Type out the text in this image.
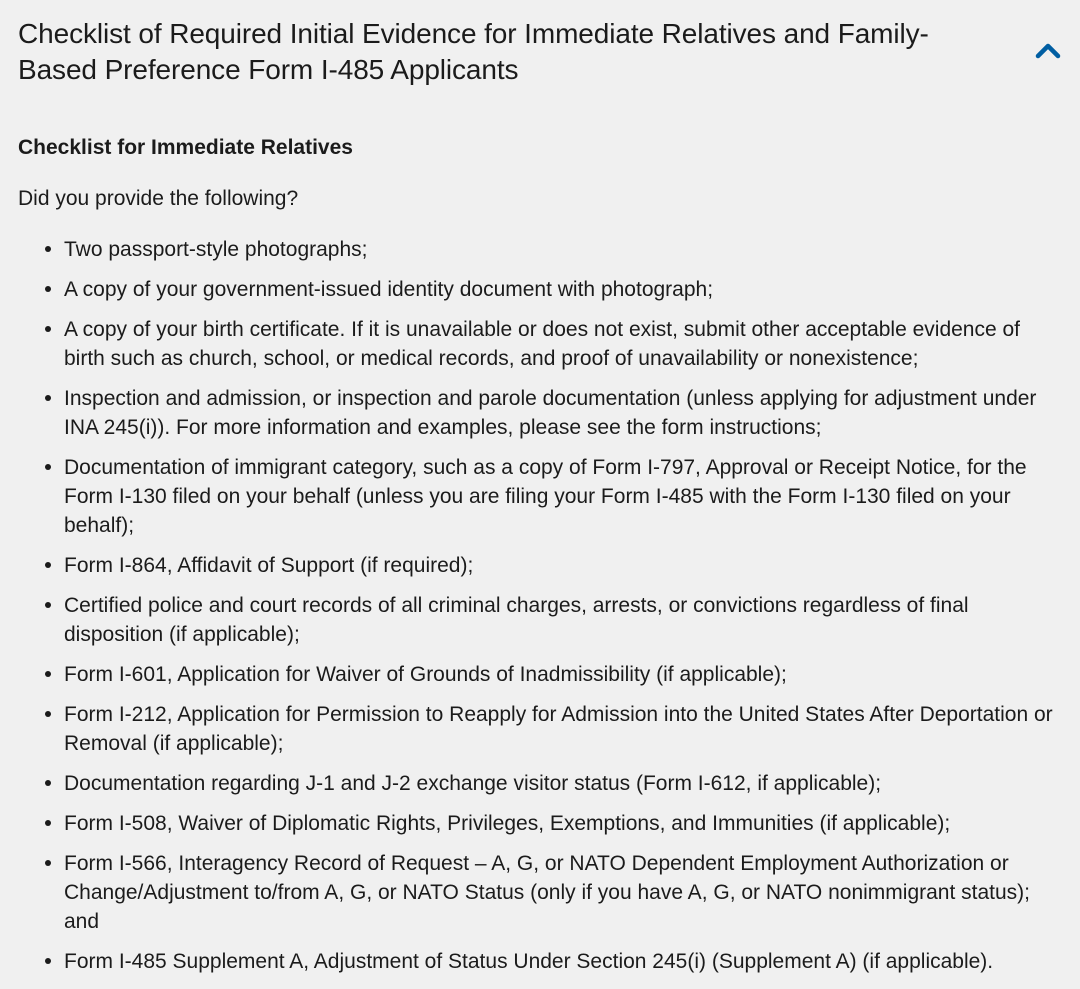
Checklist of Required Initial Evidence for Immediate Relatives and Family-Based Preference Form I-485 Applicants
Checklist for Immediate Relatives

Did you provide the following?

Two passport-style photographs;
A copy of your government-issued identity document with photograph;
A copy of your birth certificate. If it is unavailable or does not exist, submit other acceptable evidence of birth such as church, school, or medical records, and proof of unavailability or nonexistence;
Inspection and admission, or inspection and parole documentation (unless applying for adjustment under INA 245(i)). For more information and examples, please see the form instructions;
Documentation of immigrant category, such as a copy of Form I-797, Approval or Receipt Notice, for the Form I-130 filed on your behalf (unless you are filing your Form I-485 with the Form I-130 filed on your behalf);
Form I-864, Affidavit of Support (if required);
Certified police and court records of all criminal charges, arrests, or convictions regardless of final disposition (if applicable);
Form I-601, Application for Waiver of Grounds of Inadmissibility (if applicable);
Form I-212, Application for Permission to Reapply for Admission into the United States After Deportation or Removal (if applicable);
Documentation regarding J-1 and J-2 exchange visitor status (Form I-612, if applicable);
Form I-508, Waiver of Diplomatic Rights, Privileges, Exemptions, and Immunities (if applicable);
Form I-566, Interagency Record of Request – A, G, or NATO Dependent Employment Authorization or Change/Adjustment to/from A, G, or NATO Status (only if you have A, G, or NATO nonimmigrant status); and
Form I-485 Supplement A, Adjustment of Status Under Section 245(i) (Supplement A) (if applicable).
